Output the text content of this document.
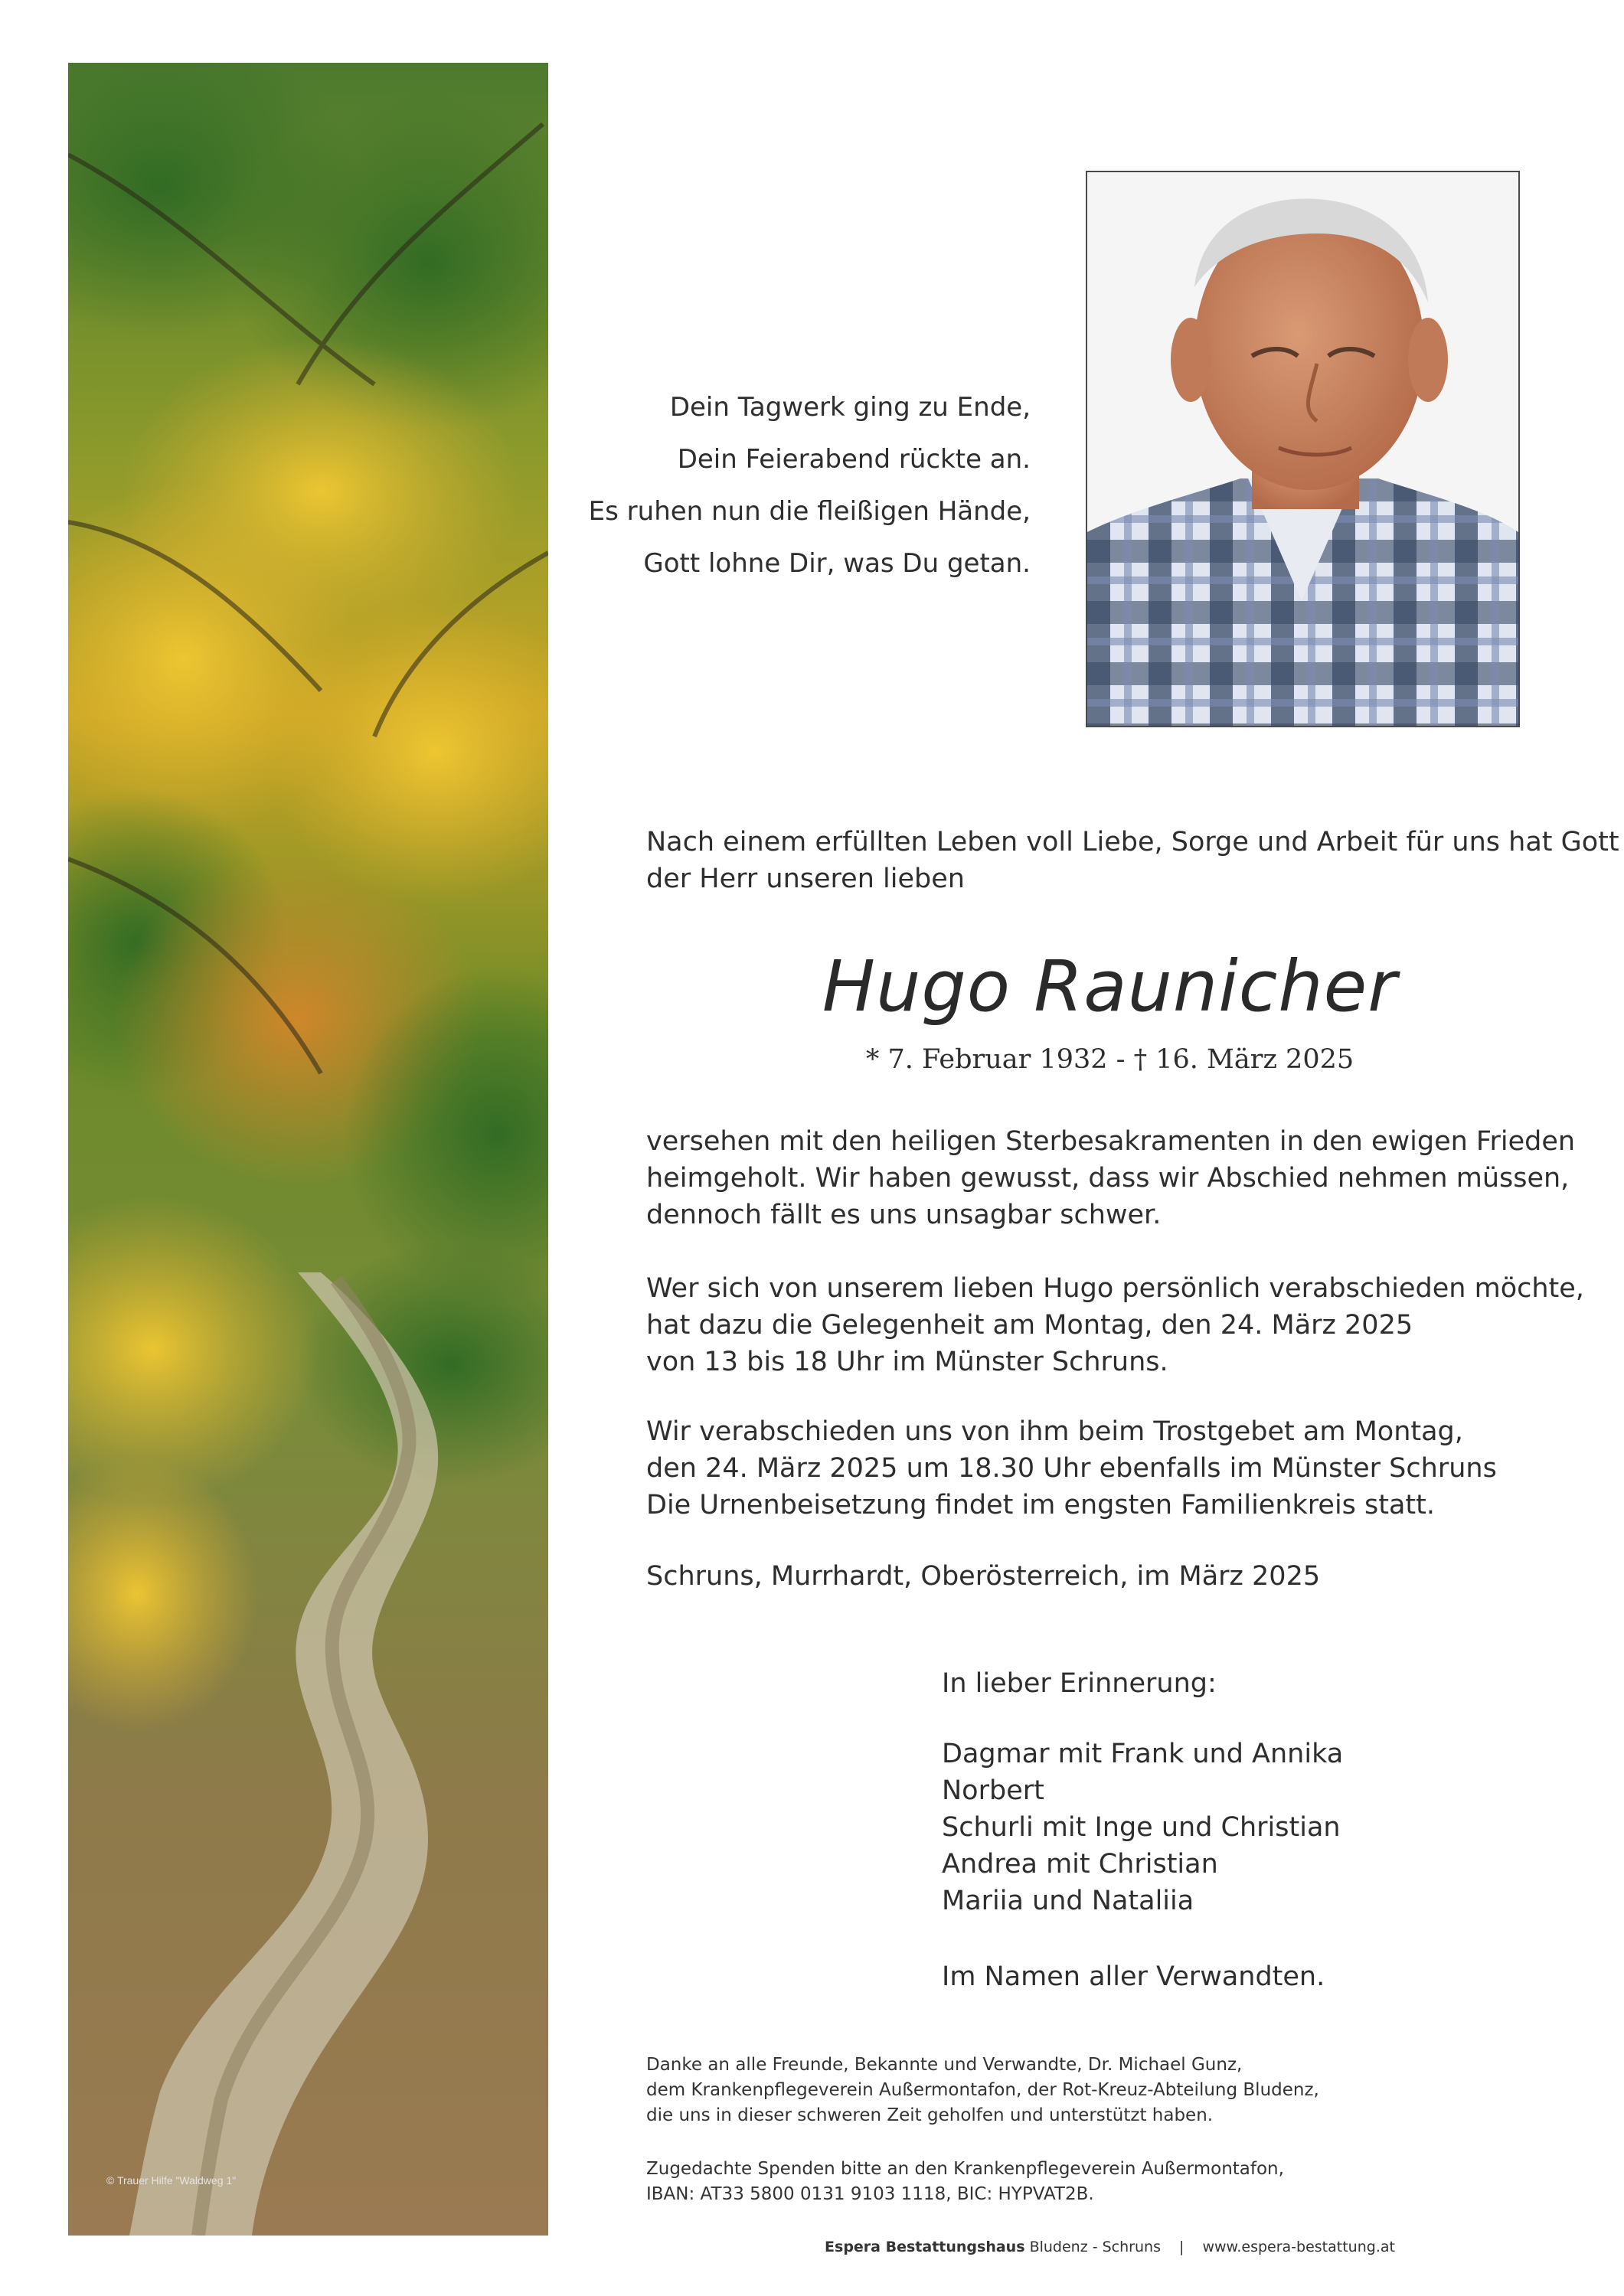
© Trauer Hilfe "Waldweg 1"
Dein Tagwerk ging zu Ende,
Dein Feierabend rückte an.
Es ruhen nun die fleißigen Hände,
Gott lohne Dir, was Du getan.
Nach einem erfüllten Leben voll Liebe, Sorge und Arbeit für uns hat Gott
der Herr unseren lieben
Hugo Raunicher
* 7. Februar 1932 - † 16. März 2025
versehen mit den heiligen Sterbesakramenten in den ewigen Frieden
heimgeholt. Wir haben gewusst, dass wir Abschied nehmen müssen,
dennoch fällt es uns unsagbar schwer.
Wer sich von unserem lieben Hugo persönlich verabschieden möchte,
hat dazu die Gelegenheit am Montag, den 24. März 2025
von 13 bis 18 Uhr im Münster Schruns.
Wir verabschieden uns von ihm beim Trostgebet am Montag,
den 24. März 2025 um 18.30 Uhr ebenfalls im Münster Schruns
Die Urnenbeisetzung findet im engsten Familienkreis statt.
Schruns, Murrhardt, Oberösterreich, im März 2025
In lieber Erinnerung:
Dagmar mit Frank und Annika
Norbert
Schurli mit Inge und Christian
Andrea mit Christian
Mariia und Nataliia
Im Namen aller Verwandten.
Danke an alle Freunde, Bekannte und Verwandte, Dr. Michael Gunz,
dem Krankenpflegeverein Außermontafon, der Rot-Kreuz-Abteilung Bludenz,
die uns in dieser schweren Zeit geholfen und unterstützt haben.
Zugedachte Spenden bitte an den Krankenpflegeverein Außermontafon,
IBAN: AT33 5800 0131 9103 1118, BIC: HYPVAT2B.
Espera Bestattungshaus Bludenz - Schruns | www.espera-bestattung.at
